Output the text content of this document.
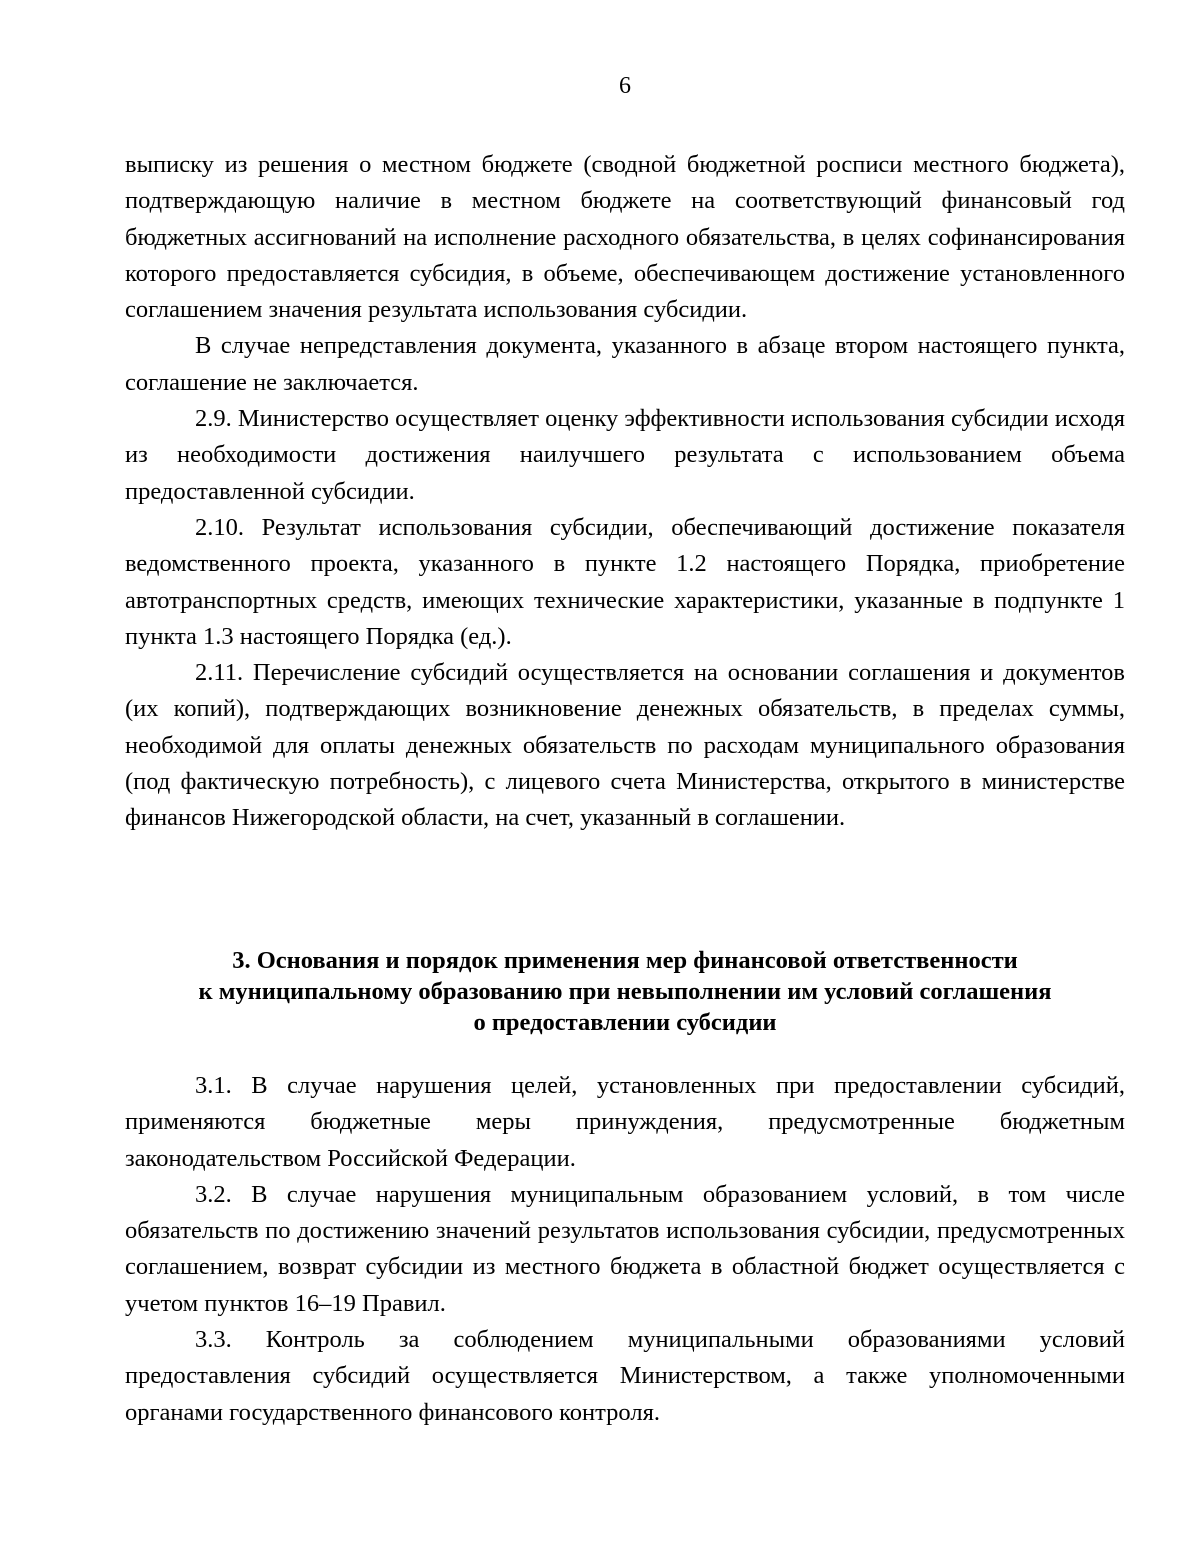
6

выписку из решения о местном бюджете (сводной бюджетной росписи местного бюджета), подтверждающую наличие в местном бюджете на соответствующий финансовый год бюджетных ассигнований на исполнение расходного обязательства, в целях софинансирования которого предоставляется субсидия, в объеме, обеспечивающем достижение установленного соглашением значения результата использования субсидии.

В случае непредставления документа, указанного в абзаце втором настоящего пункта, соглашение не заключается.

2.9. Министерство осуществляет оценку эффективности использования субсидии исходя из необходимости достижения наилучшего результата с использованием объема предоставленной субсидии.

2.10. Результат использования субсидии, обеспечивающий достижение показателя ведомственного проекта, указанного в пункте 1.2 настоящего Порядка, приобретение автотранспортных средств, имеющих технические характеристики, указанные в подпункте 1 пункта 1.3 настоящего Порядка (ед.).

2.11. Перечисление субсидий осуществляется на основании соглашения и документов (их копий), подтверждающих возникновение денежных обязательств, в пределах суммы, необходимой для оплаты денежных обязательств по расходам муниципального образования (под фактическую потребность), с лицевого счета Министерства, открытого в министерстве финансов Нижегородской области, на счет, указанный в соглашении.

3. Основания и порядок применения мер финансовой ответственности
к муниципальному образованию при невыполнении им условий соглашения
о предоставлении субсидии

3.1. В случае нарушения целей, установленных при предоставлении субсидий, применяются бюджетные меры принуждения, предусмотренные бюджетным законодательством Российской Федерации.

3.2. В случае нарушения муниципальным образованием условий, в том числе обязательств по достижению значений результатов использования субсидии, предусмотренных соглашением, возврат субсидии из местного бюджета в областной бюджет осуществляется с учетом пунктов 16–19 Правил.

3.3. Контроль за соблюдением муниципальными образованиями условий предоставления субсидий осуществляется Министерством, а также уполномоченными органами государственного финансового контроля.
